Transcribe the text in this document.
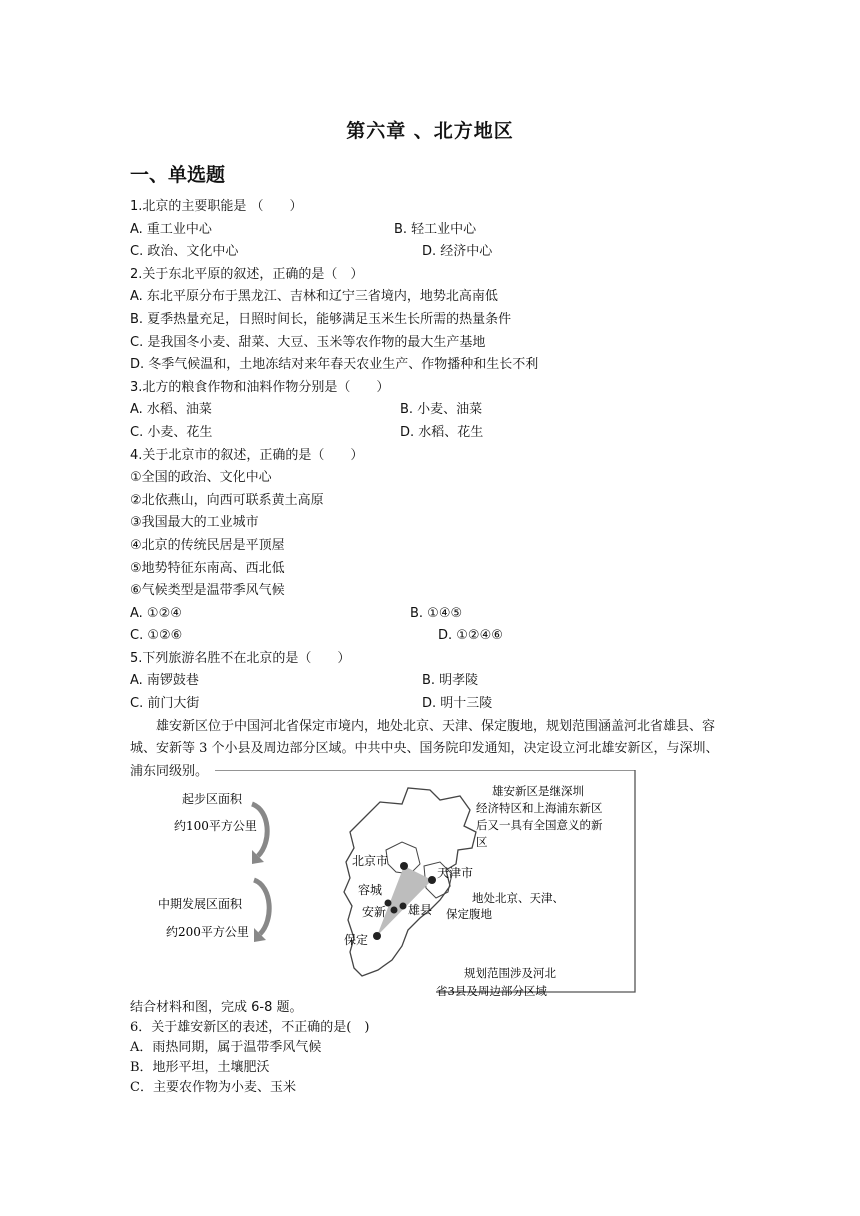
第六章 、北方地区
一、单选题
1.北京的主要职能是 （　　）
A. 重工业中心	B. 轻工业中心
C. 政治、文化中心	D. 经济中心
2.关于东北平原的叙述，正确的是（　）
A. 东北平原分布于黑龙江、吉林和辽宁三省境内，地势北高南低
B. 夏季热量充足，日照时间长，能够满足玉米生长所需的热量条件
C. 是我国冬小麦、甜菜、大豆、玉米等农作物的最大生产基地
D. 冬季气候温和，土地冻结对来年春天农业生产、作物播种和生长不利
3.北方的粮食作物和油料作物分别是（　　）
A. 水稻、油菜	B. 小麦、油菜
C. 小麦、花生	D. 水稻、花生
4.关于北京市的叙述，正确的是（　　）
①全国的政治、文化中心
②北依燕山，向西可联系黄土高原
③我国最大的工业城市
④北京的传统民居是平顶屋
⑤地势特征东南高、西北低
⑥气候类型是温带季风气候
A. ①②④	B. ①④⑤
C. ①②⑥	D. ①②④⑥
5.下列旅游名胜不在北京的是（　　）
A. 南锣鼓巷	B. 明孝陵
C. 前门大街	D. 明十三陵
雄安新区位于中国河北省保定市境内，地处北京、天津、保定腹地，规划范围涵盖河北省雄县、容城、安新等 3 个小县及周边部分区域。中共中央、国务院印发通知，决定设立河北雄安新区，与深圳、浦东同级别。
起步区面积
约100平方公里
中期发展区面积
约200平方公里
北京市
天津市
容城
安新 雄县
保定
雄安新区是继深圳
经济特区和上海浦东新区
后又一具有全国意义的新
区
地处北京、天津、
保定腹地
规划范围涉及河北
省3县及周边部分区域
结合材料和图，完成 6-8 题。
6．关于雄安新区的表述，不正确的是(　)
A．雨热同期，属于温带季风气候
B．地形平坦，土壤肥沃
C．主要农作物为小麦、玉米
